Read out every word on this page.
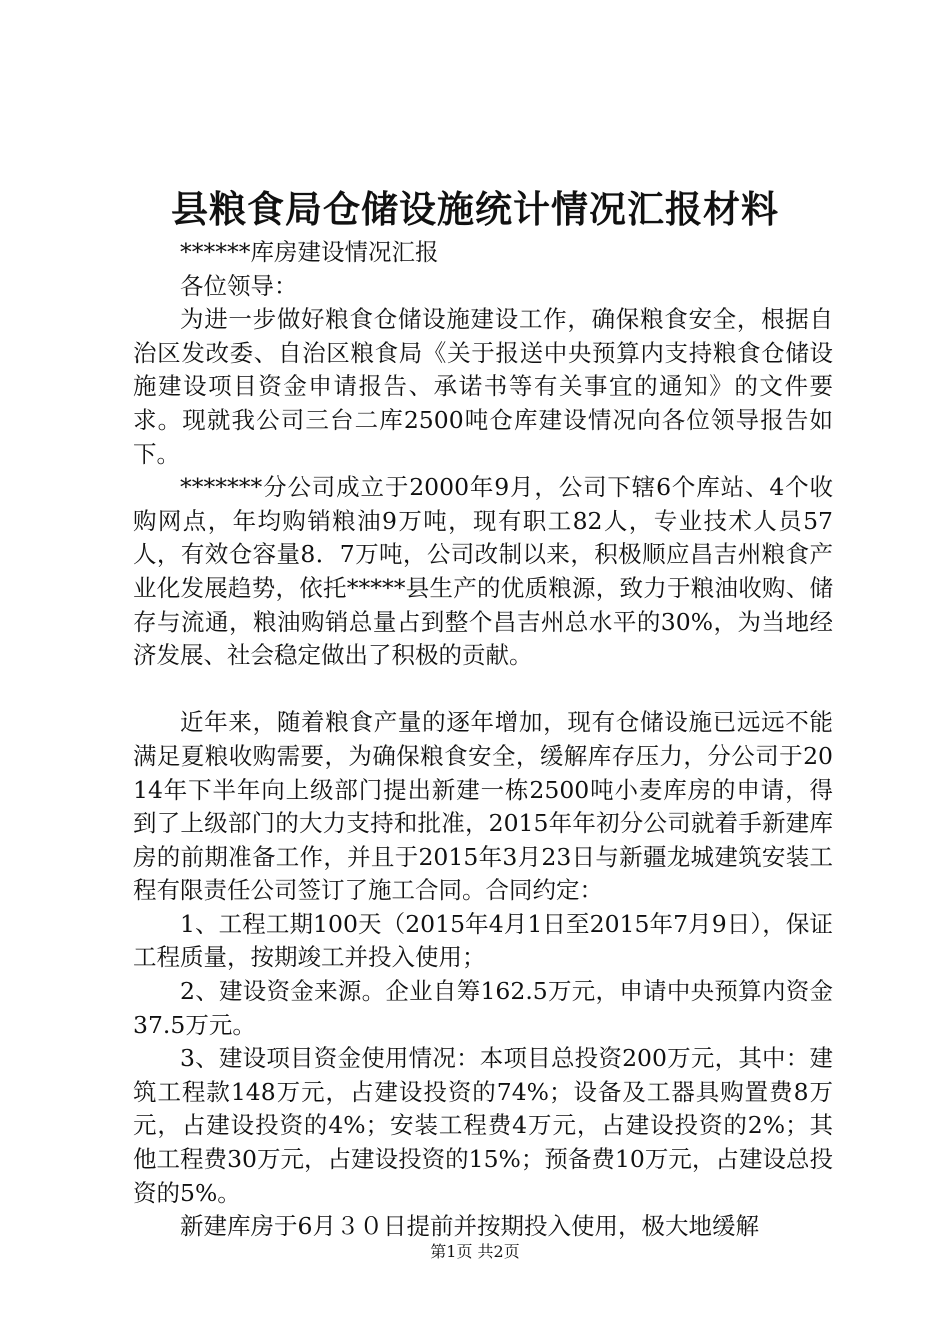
县粮食局仓储设施统计情况汇报材料

******库房建设情况汇报

各位领导：

为进一步做好粮食仓储设施建设工作，确保粮食安全，根据自治区发改委、自治区粮食局《关于报送中央预算内支持粮食仓储设施建设项目资金申请报告、承诺书等有关事宜的通知》的文件要求。现就我公司三台二库2500吨仓库建设情况向各位领导报告如下。

*******分公司成立于2000年9月，公司下辖6个库站、4个收购网点，年均购销粮油9万吨，现有职工82人，专业技术人员57人，有效仓容量8．7万吨，公司改制以来，积极顺应昌吉州粮食产业化发展趋势，依托*****县生产的优质粮源，致力于粮油收购、储存与流通，粮油购销总量占到整个昌吉州总水平的30%，为当地经济发展、社会稳定做出了积极的贡献。

近年来，随着粮食产量的逐年增加，现有仓储设施已远远不能满足夏粮收购需要，为确保粮食安全，缓解库存压力，分公司于2014年下半年向上级部门提出新建一栋2500吨小麦库房的申请，得到了上级部门的大力支持和批准，2015年年初分公司就着手新建库房的前期准备工作，并且于2015年3月23日与新疆龙城建筑安装工程有限责任公司签订了施工合同。合同约定：

1、工程工期100天（2015年4月1日至2015年7月9日），保证工程质量，按期竣工并投入使用；

2、建设资金来源。企业自筹162.5万元，申请中央预算内资金37.5万元。

3、建设项目资金使用情况：本项目总投资200万元，其中：建筑工程款148万元，占建设投资的74%；设备及工器具购置费8万元，占建设投资的4%；安装工程费4万元，占建设投资的2%；其他工程费30万元，占建设投资的15%；预备费10万元，占建设总投资的5%。

新建库房于6月３０日提前并按期投入使用，极大地缓解

第1页 共2页
